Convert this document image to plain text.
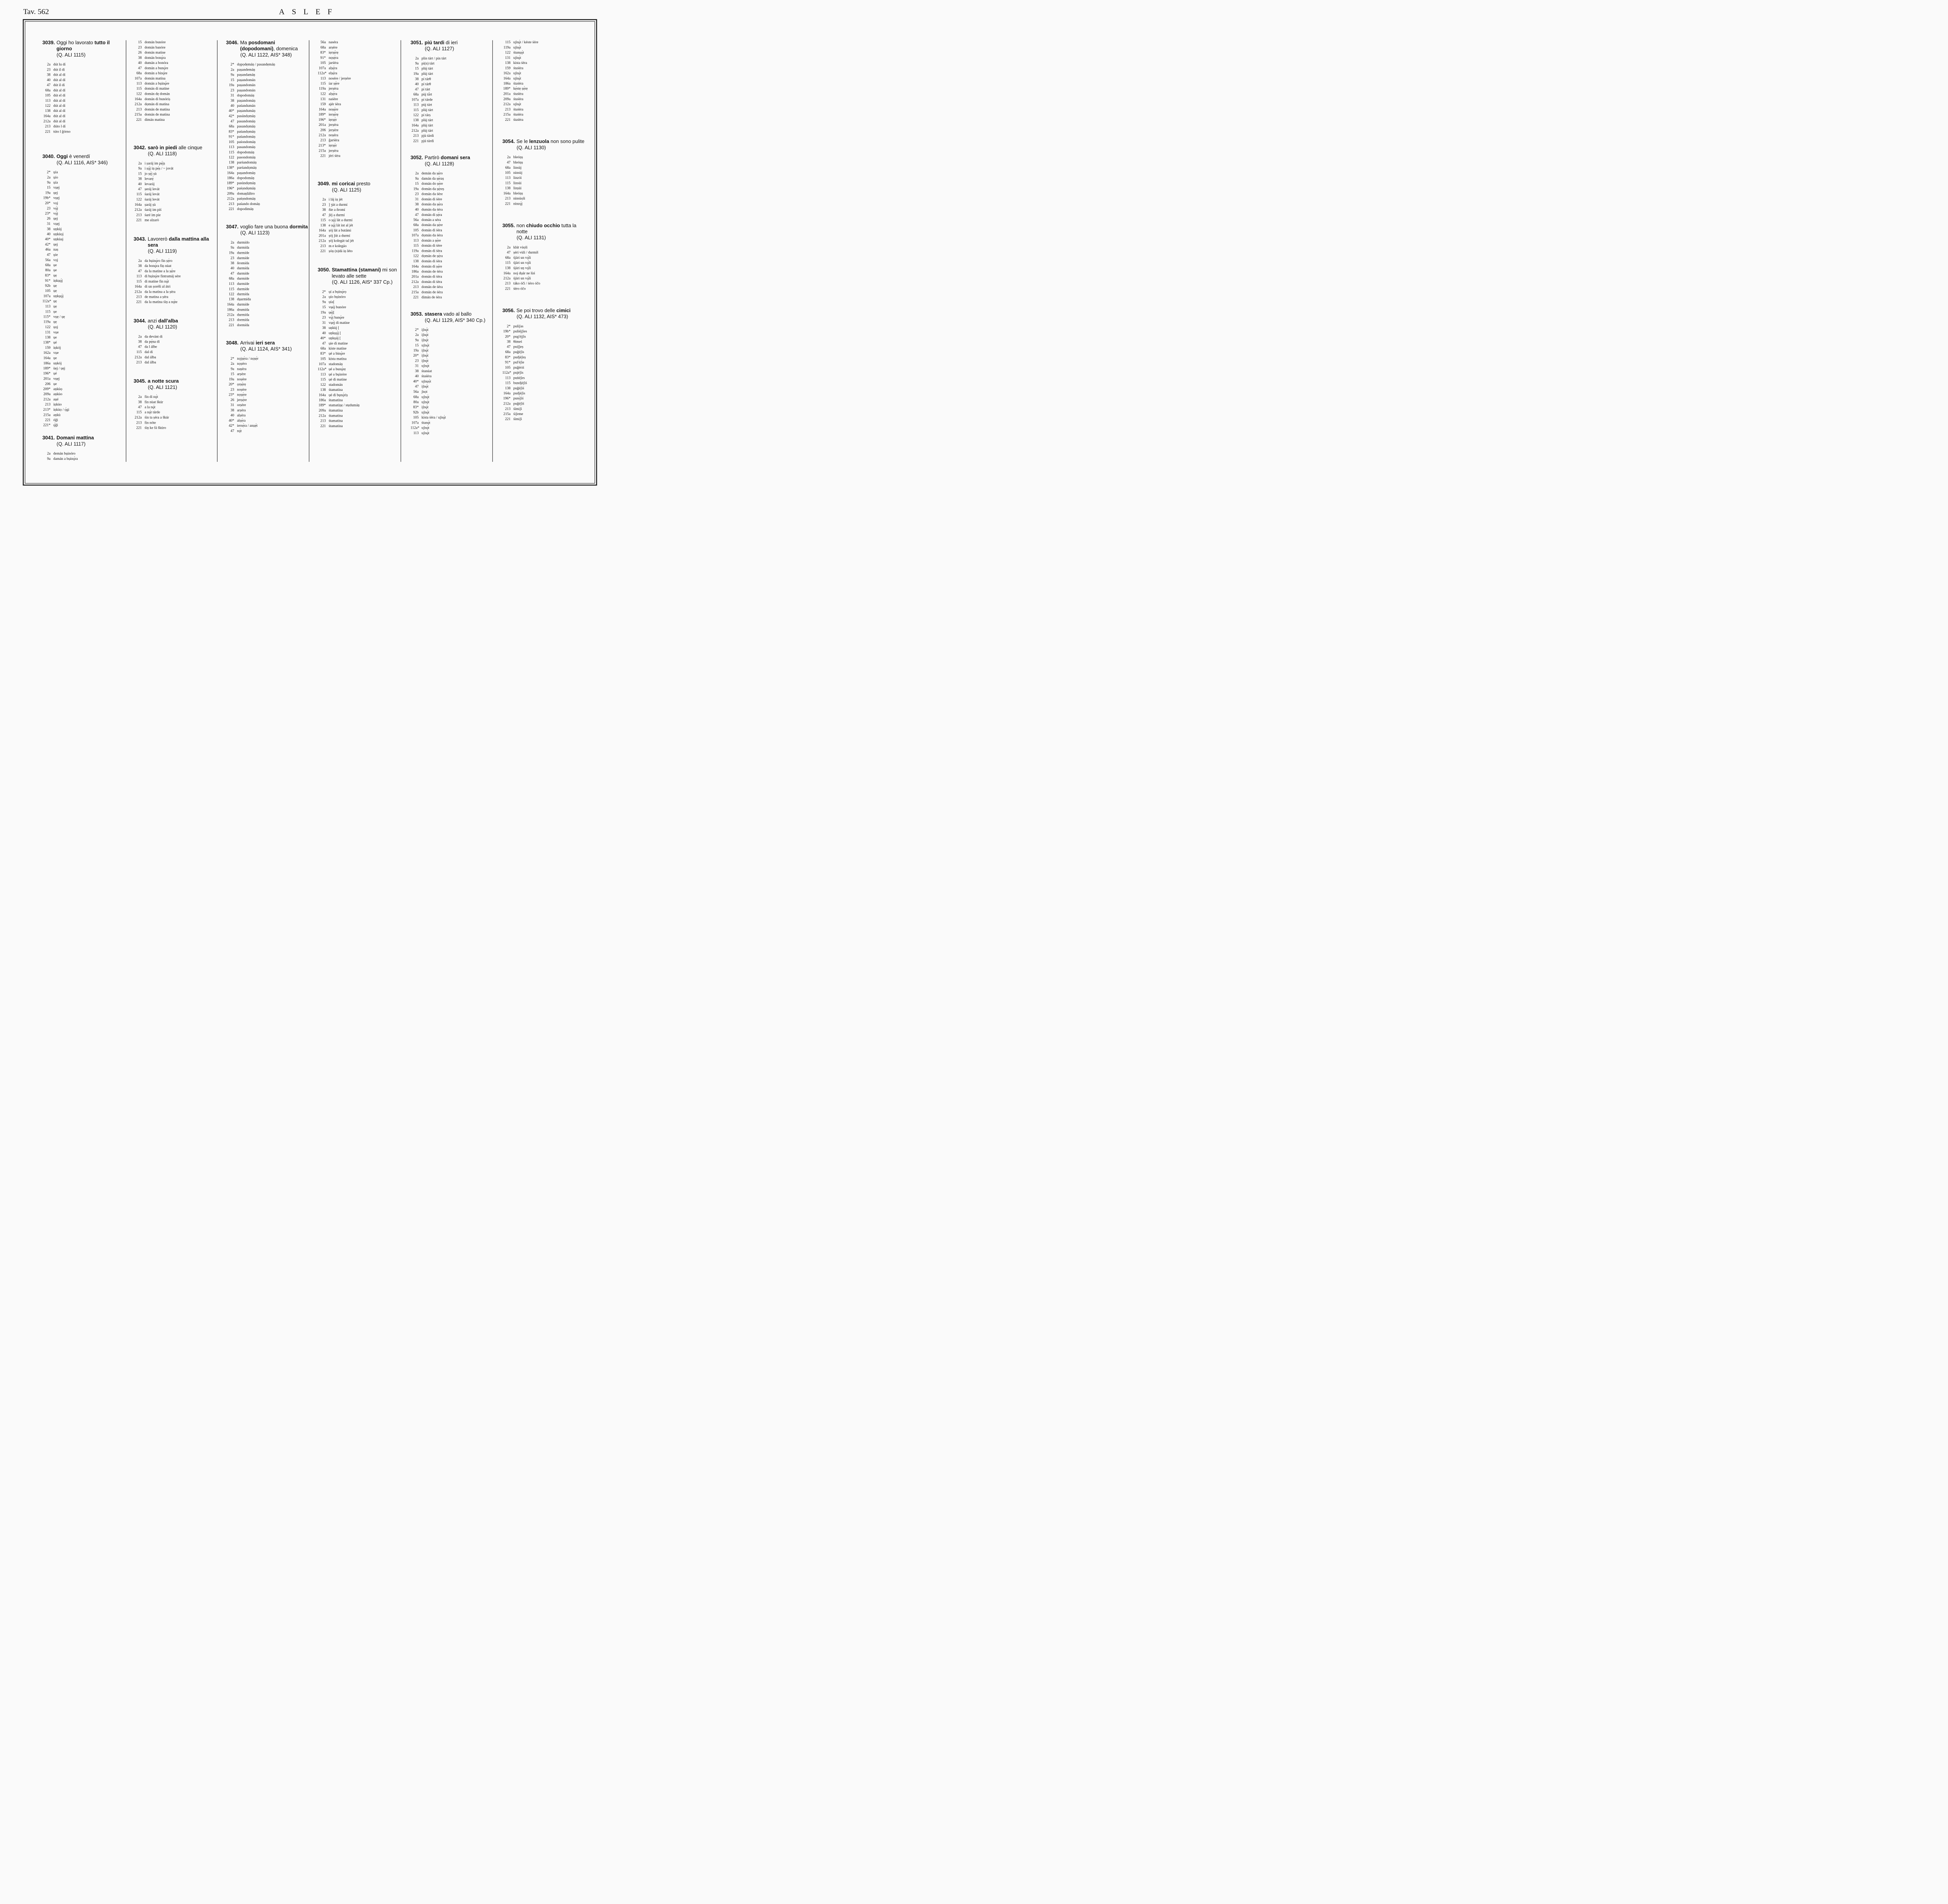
Tav. 562	ASLEF
3039. Oggi ho lavorato tutto il giorno
(Q. ALI 1115)
2a dút lu dí
23 dút il dí
38 dút al dí
40 dút al dí
47 dút il dí
68a dút al dí
105 dút el dí
113 dút al dí
122 dút al dí
138 dút al dí
164a dút al dí
212a dút al dí
213 dúto l dí
221 túto l ğórno
3040. Oggi è venerdí
(Q. ALI 1116, AIS* 346)
2* ụía
2a ụío
9a ụía
15 vụẹj
19a ụẹj
19b* vụẹj
20* vọj
23 vǫ̀j
23* vǫ̀j
26 ụẹj
31 vụẹj
38 uṇkùj
40 uṇkùọj
40* uṇkùaj
42* ụẹj
46a naṣ
47 ụie
56a vọj
68a ụe
80a ụe
83* ụẹ
91* iṇkụǫ́j
92b ụẹ
105 ụẹ
107a uṇkụǫ́j
112a* ụẹ
113 ụẹ
115 ụe
115* vụẹ / ụẹ
119a ụẹ
122 ụọj
131 vụe
138 ụe
138* ụé
159 iṇkój
162a vụe
164a ụe
186a uṇkój
189* ùẹj / ụẹj
196* ụé
201a vụẹj
206 ụe
209* aṇkùọ
209a aṇkùo
212a aụé
213 iṇkùo
213* iṇkùọ / ọ́gi
215a aṇkù
221 óği
221* ǫ́ği
3041. Domani mattina
(Q. ALI 1117)
2a demán bụinóro
9a damán a bụinǫ́ra
15 domán bunóre
23 domán banóre
26 domán matine
38 domán bonǫ́ra
40 dumán a bonóra
47 domán a bunǫ́re
68a domán a binǫ́re
107a domán matína
113 domán a bụinǫ́re
115 domán di matine
122 domán dẹ domán
164a domán di bunóriṣ
212a dọmán di matina
213 domán de matína
215a domán de matina
221 dimán matina
3042. sarò in piedi alle cinque
(Q. ALI 1118)
2a i ṣaráj im pẹ́jṣ
9a i ṣǫ́j iṇ pẹ́ṣ / ~ jovát
15 jo ṣẹ́j ṣù
38 levarẹ́
40 levaráj
47 ṣeráj levát
115 śaráj levát
122 śaráj levát
164a ṣaráj ṣù
212a śaráj im píś
213 śaré im pie
221 me alzarò
3043. Lavorerò dalla mattina alla sera
(Q. ALI 1119)
2a da bụinǫ́ro fin ṣẹ́ro
38 da bonǫ́ra fiṇ nùat
47 da la matine a la ṣẹ́re
113 di bụinǫ́re fintramáj sére
115 di matine fin nǫ́t
164a di un ṣoréli al átri
212a da la matina a la ṣéra
213 de matina a ṣéra
221 da la matina śiṇ a nǫ́te
3044. anzi dall'alba
(Q. ALI 1120)
2a da devánt di
38 da pẹ́na dí
47 da l álbe
115 dal dí
212a dal álba
213 dal álba
3045. a notte scura
(Q. ALI 1121)
2a fin di nǫ́t
38 fin nùat škúr
47 a la nǫ́t
115 a nǫ́t tárde
212a śin ta ṣéra a škúr
213 fin nóte
221 śiṇ ke fá škúro
3046. Ma posdomani (dopodomani), domenica
(Q. ALI 1122, AIS* 348)
2* dọpọdẹmáṇ / pasandẹmáṇ
2a paṣandemáṇ
9a paṣandamáṇ
15 paṣandomán
19a paṣandomán
23 paṣandomán
31 dopodomáṇ
38 paṣandomáṇ
40 paśandumán
40* paṣandumáṇ
42* pasándọmáṇ
47 pasandomáṇ
68a pasandọmáṇ
83* paśandọmáṇ
91* paśandomáṇ
105 paśondomáṇ
113 pasandomáṇ
115 dopodomáṇ
122 pasondomáṇ
138 parśandomáṇ
138* parśandọmáṇ
164a paṣandomáṇ
186a dopodomáṇ
189* pasùndọmáṇ
196* paśọndọmáṇ
209a domaṇláltro
212a paśọndomáṇ
213 paśando domáṇ
221 dopodimáṇ
3047. voglio fare una buona dormita
(Q. ALI 1123)
2a durmído
9a durmída
19a durmíde
23 durmíde
38 δromída
40 durmída
47 durmíde
68a durmíde
113 durmíde
115 durmíde
122 durmída
138 dụarmída
164a durmíde
186a drumída
212a durmída
213 dormída
221 dormída
3048. Arrivai ieri sera
(Q. ALI 1124, AIS* 341)
2* nọjṣẹ́ra / nọṣẹ́r
2a nọṣéro
9a naṣéra
15 arṣére
19a noṣére
20* ọrṣẹ́rẹ
23 noṣére
23* nọṣẹ́re
26 jerṣẹ́re
31 orṣére
38 arṣéra
40 alṣéra
40* alṣẹ́ra
42* iersẹ́ra / anụẹ́t
47 nǫ́t
56a naséra
68a arṣére
83* iẹrṣẹ́rẹ
91* nọṣẹ́ra
105 jarśéra
107a alṣẹ́ra
112a* elṣẹ́ra
113 nosére / jerṣére
115 íar ṣẹ́re
119a jerṣéra
122 alṣẹ́ra
131 naśére
159 ajér śéra
164a noṣẹ́re
189* ierṣẹ́rẹ
196* iẹrṣẹ́r
201a jerṣéra
206 jerṣére
212a noṣéra
213 ğarśéra
213* iẹrṣẹ́r
215a jerṣéra
221 jéri śéra
3049. mi coricai presto
(Q. ALI 1125)
2a i láj iṇ jét
23 ] ʒùt a durmí
38 δie a δromí
47 ʃéj a durmí
115 o ṣǫ́j lát a durmí
138 e ṣǫ́j lát int al jét
164a ṣój lát a butámi
201a ṣój ʃút a durmí
212a ṣój kolegát tal jét
213 m e kolegáo
221 ṣóṇ (n)dá iṇ léto
3050. Stamattina (stamani) mi son levato alle sette
(Q. ALI 1126, AIS* 337 Cp.)
2* ụí a bụinǫ́rọ
2a ụío bụinóro
9a ụía[
15 vụẹ́j bunóre
19a ụẹ́j[
23 vǫ̀j banǫ́re
31 vụẹ́j di matine
38 uṇkùj [
40 uṇkụǫ́j [
40* uṇkụáj [
47 ụie di matine
68a kíste matíne
83* ụé a binǫ́re
105 kísta matína
107a stadomáṇ
112a* ụé a bunǫ́rẹ
113 ụé a bụinóre
115 ụé di matine
122 stadomán
138 śtamatína
164a ụé di bụnǫ́riṣ
186a śtamatína
189* stamatíṇẹ / stẹdumáṇ
209a śtamatína
212a śtamatína
213 śtamatína
221 śtamatína
3051. piú tardi di ieri
(Q. ALI 1127)
2a plin tárt / pin tárt
9a pi(n) tárt
15 plùj tárt
19a plùj tárt
38 pí tárθ
40 pí tárθ
47 pí tárt
68a pùj tả̀rt
107a pí tárde
113 pùj tárt
115 plùj tárt
122 pí tárṣ
138 plùj tárt
164a plùj tárt
212a plùj tárt
213 pjù tárdi
221 pjú tárdi
3052. Partirò domani sera
(Q. ALI 1128)
2a demán da ṣẹ́ro
9a damán da ṣẹ́raṣ
15 domán do ṣẹ́re
19a domán da ṣẹ́reṣ
23 domán da śére
31 domán di śére
38 domán da ṣẹ́ra
40 dumán da śéra
47 domán di ṣẹ́ra
56a domán a séra
68a domán da ṣẹ́re
105 domán di śéra
107a dọmán da śéra
113 domán a ṣẹ́re
115 domán di śére
119a domán di śéra
122 dọmán de ṣẹ́ra
138 domán di śéra
164a domán di ṣẹ́re
186a domán de śéra
201a domán di śéra
212a domán di śéra
213 domán de śéra
215a domán de śéra
221 dimán de śéra
3053. stasera vado al ballo
(Q. ALI 1129, AIS* 340 Cp.)
2* iʃnǫ́t
2a iʃnǫ́t
9a iʃnǫ́t
15 uʃnǫ́t
19a iʃnǫ́t
20* iʃnǫ́t
23 iʃnǫ́t
31 uʃnǫ́t
38 śtanúat
40 śtaśéra
40* uʃnụọ́t
47 iʃnǫ́t
56a ʃnọt
68a uʃnǫ́t
80a uʃnǫ́t
83* iʃnǫ́t
92b uʃnǫ́t
105 kísta śéra / uʃnǫ́t
107a śtanǫ́t
112a* uʃnǫ́t
113 uʃnǫ́t
115 uʃnǫ́t / késte śére
119a uʃnǫ́t
122 śtanụǫ́t
131 uʃnǫ́t
138 kísta śéra
159 śtaśéra
162a uʃnǫ́t
164a uʃnǫ́t
186a śtaśéra
189* kẹ́stẹ ṣẹ́rẹ
201a śtaśéra
209a śtaśéra
212a uʃnǫ́t
213 śtaśéra
215a śtaśéra
221 śtaśéra
3054. Se le lenzuola non sono pulite
(Q. ALI 1130)
2a bleóṇṣ
47 bleóṇṣ
68a linsùj
105 ninsùj
113 linzói
115 linsùi
138 linṣùi
164a bleóṇṣ
213 ninsùọli
221 ninzǫ́j
3055. non chiudo occhio tutta la notte
(Q. ALI 1131)
2a klút vùọli
47 ṣéri vùli / durmiš
68a śjári un vǫ́li
115 śjári un vǫ́li
138 śjári uṇ vǫ́li
164a noj dụár ne lùś
212a śjári un vǫ́li
213 táko óči / śéro óčo
221 śéro óčo
3056. Se poi trovo delle cimici
(Q. ALI 1132, AIS* 473)
2* pulíʃas
19b* puliéjʃies
20* pug'éjʃis
38 θímeś
47 puíʃjeṣ
68a puğéʃis
83* pudjéʃeṣ
91* pul'éʃie
105 puğériś
112a* pujéʃis
113 puṅéʃes
115 bundjéʃiś
138 puğéʃiś
164a pudjéʃis
196* purẹ́ʃiś
212a puğéʃiś
213 śímiʃi
215a śiʃeme
221 śimiʃi
